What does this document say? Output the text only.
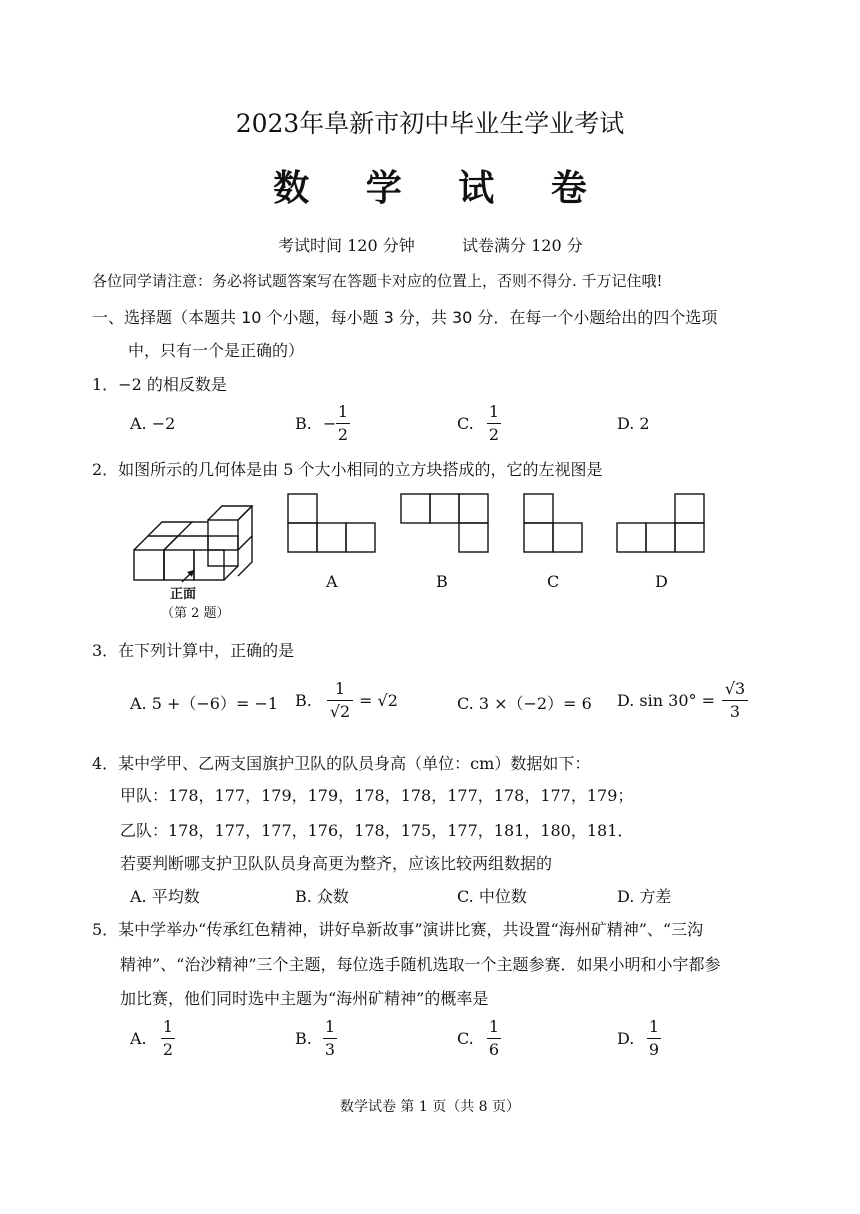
2023年阜新市初中毕业生学业考试
数 学 试 卷
考试时间 120 分钟	试卷满分 120 分
各位同学请注意：务必将试题答案写在答题卡对应的位置上，否则不得分. 千万记住哦!
一、选择题（本题共 10 个小题，每小题 3 分，共 30 分．在每一个小题给出的四个选项
中，只有一个是正确的）
1．−2 的相反数是
A. −2	B. −
1
2
C.
1
2
D. 2
2．如图所示的几何体是由 5 个大小相同的立方块搭成的，它的左视图是
正面
（第 2 题）
A	B	C	D
3．在下列计算中，正确的是
A. 5 +（−6）= −1 B.
1
√2
= √2	C. 3 ×（−2）= 6 D. sin 30° =
√3
3
4．某中学甲、乙两支国旗护卫队的队员身高（单位：cm）数据如下：
甲队：178，177，179，179，178，178，177，178，177，179；
乙队：178，177，177，176，178，175，177，181，180，181．
若要判断哪支护卫队队员身高更为整齐，应该比较两组数据的
A. 平均数	B. 众数	C. 中位数	D. 方差
5．某中学举办“传承红色精神，讲好阜新故事”演讲比赛，共设置“海州矿精神”、“三沟
精神”、“治沙精神”三个主题，每位选手随机选取一个主题参赛．如果小明和小宇都参
加比赛，他们同时选中主题为“海州矿精神”的概率是
A.
1
2
B.
1
3
C.
1
6
D.
1
9
数学试卷 第 1 页（共 8 页）
